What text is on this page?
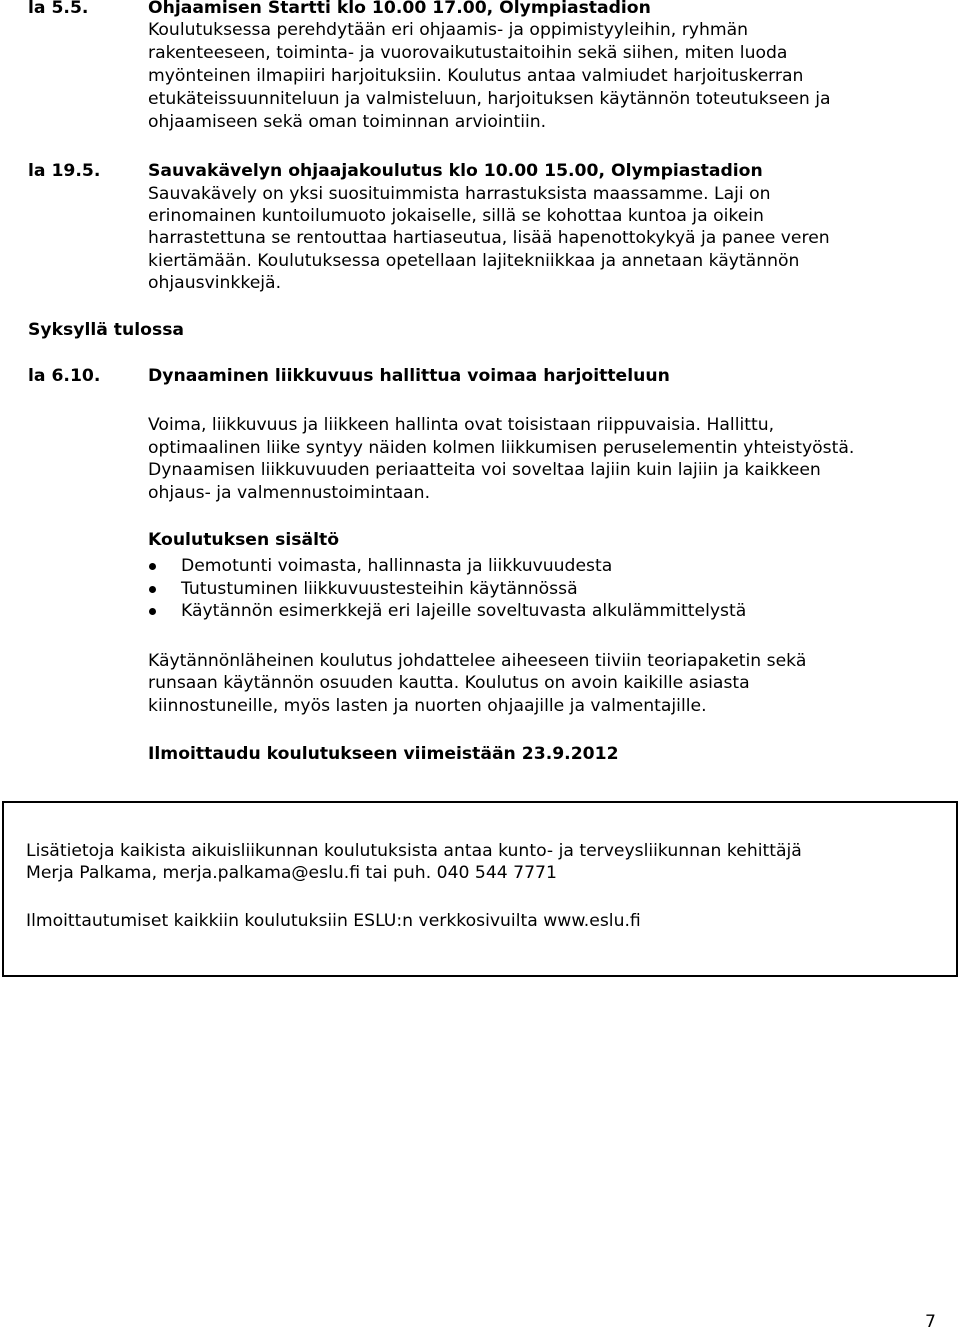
la 5.5.	Ohjaamisen Startti klo 10.00 17.00, Olympiastadion
Koulutuksessa perehdytään eri ohjaamis- ja oppimistyyleihin, ryhmän
rakenteeseen, toiminta- ja vuorovaikutustaitoihin sekä siihen, miten luoda
myönteinen ilmapiiri harjoituksiin. Koulutus antaa valmiudet harjoituskerran
etukäteissuunniteluun ja valmisteluun, harjoituksen käytännön toteutukseen ja
ohjaamiseen sekä oman toiminnan arviointiin.
la 19.5.	Sauvakävelyn ohjaajakoulutus klo 10.00 15.00, Olympiastadion
Sauvakävely on yksi suosituimmista harrastuksista maassamme. Laji on
erinomainen kuntoilumuoto jokaiselle, sillä se kohottaa kuntoa ja oikein
harrastettuna se rentouttaa hartiaseutua, lisää hapenottokykyä ja panee veren
kiertämään. Koulutuksessa opetellaan lajitekniikkaa ja annetaan käytännön
ohjausvinkkejä.
Syksyllä tulossa
la 6.10.	Dynaaminen liikkuvuus hallittua voimaa harjoitteluun
Voima, liikkuvuus ja liikkeen hallinta ovat toisistaan riippuvaisia. Hallittu,
optimaalinen liike syntyy näiden kolmen liikkumisen peruselementin yhteistyöstä.
Dynaamisen liikkuvuuden periaatteita voi soveltaa lajiin kuin lajiin ja kaikkeen
ohjaus- ja valmennustoimintaan.
Koulutuksen sisältö
Demotunti voimasta, hallinnasta ja liikkuvuudesta
Tutustuminen liikkuvuustesteihin käytännössä
Käytännön esimerkkejä eri lajeille soveltuvasta alkulämmittelystä
Käytännönläheinen koulutus johdattelee aiheeseen tiiviin teoriapaketin sekä
runsaan käytännön osuuden kautta. Koulutus on avoin kaikille asiasta
kiinnostuneille, myös lasten ja nuorten ohjaajille ja valmentajille.
Ilmoittaudu koulutukseen viimeistään 23.9.2012
Lisätietoja kaikista aikuisliikunnan koulutuksista antaa kunto- ja terveysliikunnan kehittäjä
Merja Palkama, merja.palkama@eslu.fi tai puh. 040 544 7771
Ilmoittautumiset kaikkiin koulutuksiin ESLU:n verkkosivuilta www.eslu.fi
7
